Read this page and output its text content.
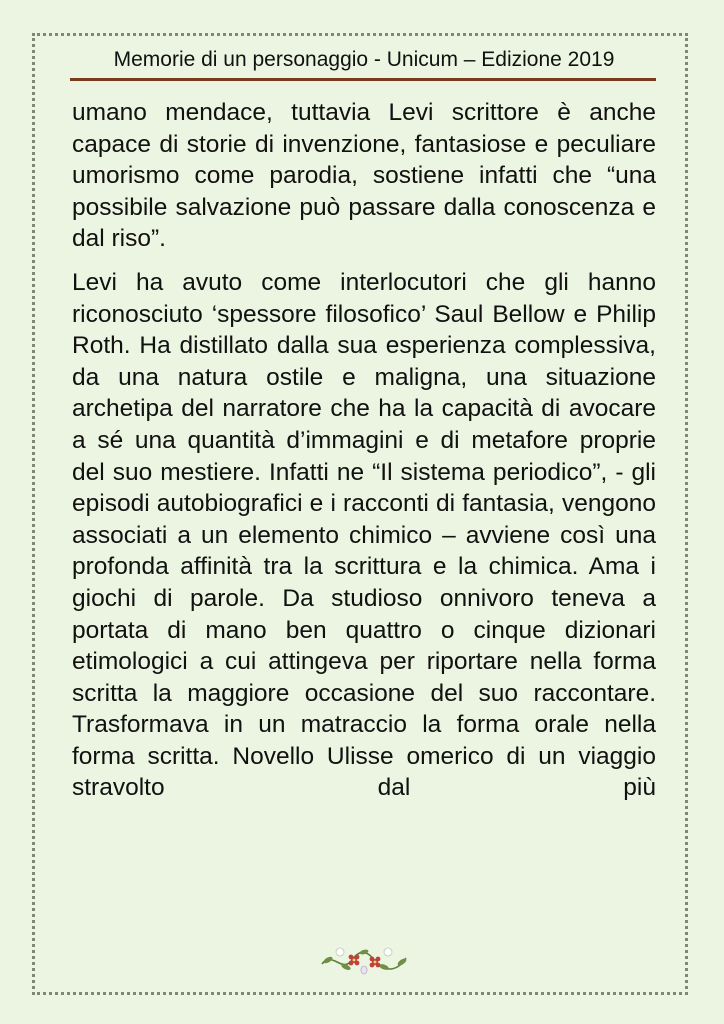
Memorie di un personaggio - Unicum – Edizione 2019

umano mendace, tuttavia Levi scrittore è anche capace di storie di invenzione, fantasiose e peculiare umorismo come parodia, sostiene infatti che “una possibile salvazione può passare dalla conoscenza e dal riso”.

Levi ha avuto come interlocutori che gli hanno riconosciuto ‘spessore filosofico’ Saul Bellow e Philip Roth. Ha distillato dalla sua esperienza complessiva, da una natura ostile e maligna, una situazione archetipa del narratore che ha la capacità di avocare a sé una quantità d’immagini e di metafore proprie del suo mestiere. Infatti ne “Il sistema periodico”, - gli episodi autobiografici e i racconti di fantasia, vengono associati a un elemento chimico – avviene così una profonda affinità tra la scrittura e la chimica. Ama i giochi di parole. Da studioso onnivoro teneva a portata di mano ben quattro o cinque dizionari etimologici a cui attingeva per riportare nella forma scritta la maggiore occasione del suo raccontare. Trasformava in un matraccio la forma orale nella forma scritta. Novello Ulisse omerico di un viaggio stravolto dal più
